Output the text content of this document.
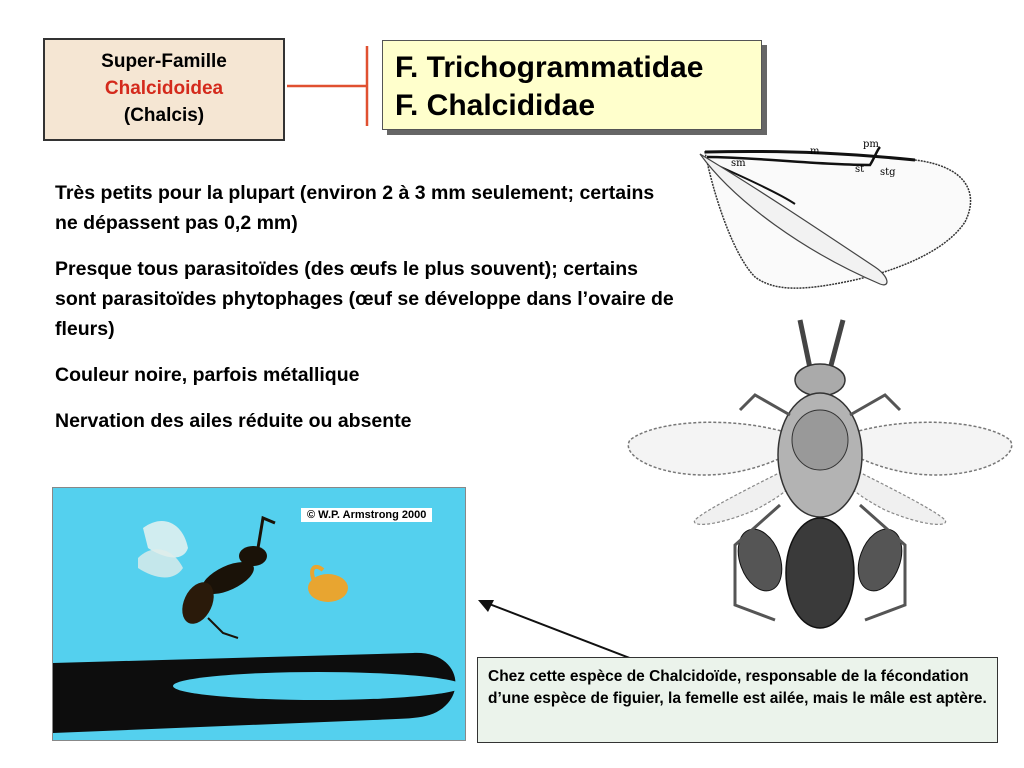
Super-Famille
Chalcidoidea
(Chalcis)
F. Trichogrammatidae
F. Chalcididae

Très petits pour la plupart (environ 2 à 3 mm seulement; certains ne dépassent pas 0,2 mm)

Presque tous parasitoïdes (des œufs le plus souvent); certains sont parasitoïdes phytophages (œuf se développe dans l’ovaire de fleurs)

Couleur noire, parfois métallique

Nervation des ailes réduite ou absente

pm
m
sm
st stg
© W.P. Armstrong 2000
Chez cette espèce de Chalcidoïde, responsable de la fécondation d’une espèce de figuier, la femelle est ailée, mais le mâle est aptère.
